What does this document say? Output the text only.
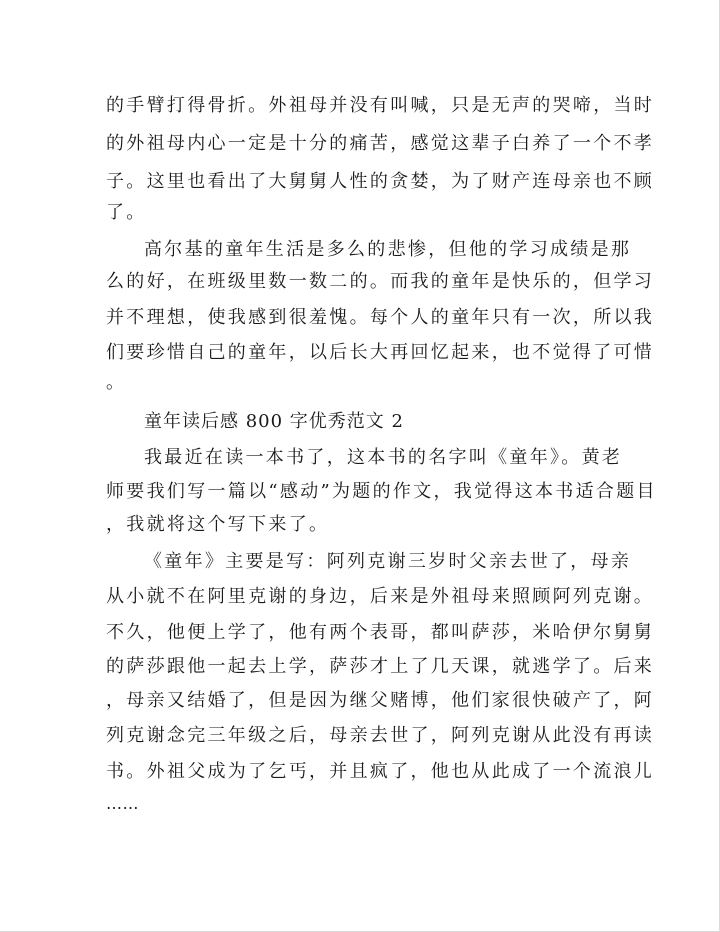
的手臂打得骨折。外祖母并没有叫喊，只是无声的哭啼，当时
的外祖母内心一定是十分的痛苦，感觉这辈子白养了一个不孝
子。这里也看出了大舅舅人性的贪婪，为了财产连母亲也不顾
了。
高尔基的童年生活是多么的悲惨，但他的学习成绩是那
么的好，在班级里数一数二的。而我的童年是快乐的，但学习
并不理想，使我感到很羞愧。每个人的童年只有一次，所以我
们要珍惜自己的童年，以后长大再回忆起来，也不觉得了可惜
。
童年读后感 800 字优秀范文 2
我最近在读一本书了，这本书的名字叫《童年》。黄老
师要我们写一篇以“感动”为题的作文，我觉得这本书适合题目
，我就将这个写下来了。
《童年》主要是写：阿列克谢三岁时父亲去世了，母亲
从小就不在阿里克谢的身边，后来是外祖母来照顾阿列克谢。
不久，他便上学了，他有两个表哥，都叫萨莎，米哈伊尔舅舅
的萨莎跟他一起去上学，萨莎才上了几天课，就逃学了。后来
，母亲又结婚了，但是因为继父赌博，他们家很快破产了，阿
列克谢念完三年级之后，母亲去世了，阿列克谢从此没有再读
书。外祖父成为了乞丐，并且疯了，他也从此成了一个流浪儿
……
